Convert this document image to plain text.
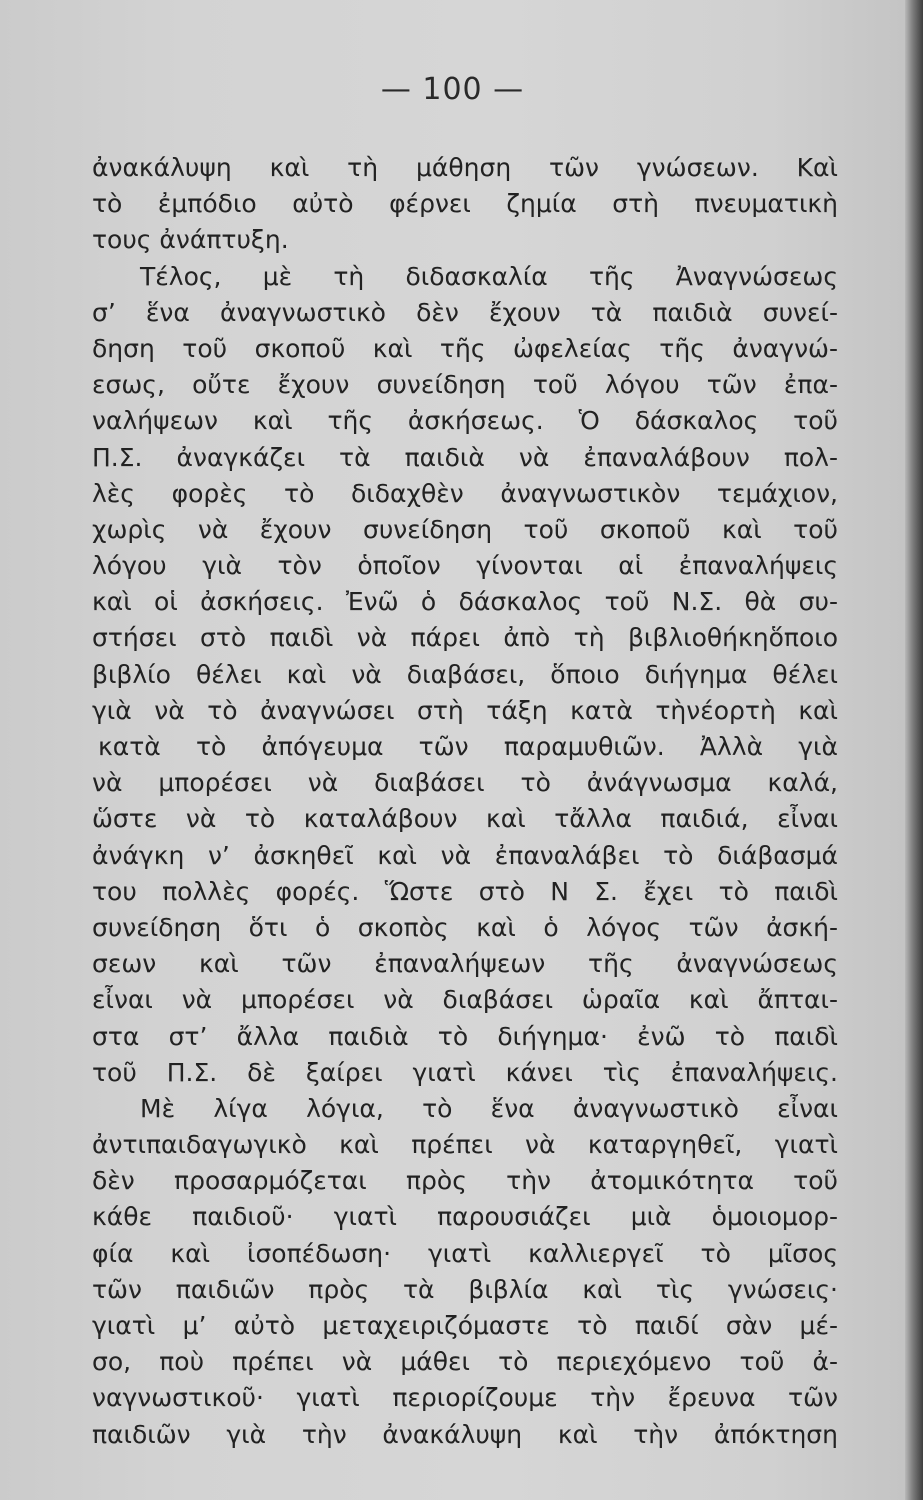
— 100 —
ἀνακάλυψη καὶ τὴ μάθηση τῶν γνώσεων. Καὶ
τὸ ἐμπόδιο αὐτὸ φέρνει ζημία στὴ πνευματικὴ
τους ἀνάπτυξη.
Τέλος, μὲ τὴ διδασκαλία τῆς Ἀναγνώσεως
σ’ ἕνα ἀναγνωστικὸ δὲν ἔχουν τὰ παιδιὰ συνεί-
δηση τοῦ σκοποῦ καὶ τῆς ὠφελείας τῆς ἀναγνώ-
εσως, οὔτε ἔχουν συνείδηση τοῦ λόγου τῶν ἐπα-
ναλήψεων καὶ τῆς ἀσκήσεως. Ὁ δάσκαλος τοῦ
Π.Σ. ἀναγκάζει τὰ παιδιὰ νὰ ἐπαναλάβουν πολ-
λὲς φορὲς τὸ διδαχθὲν ἀναγνωστικὸν τεμάχιον,
χωρὶς νὰ ἔχουν συνείδηση τοῦ σκοποῦ καὶ τοῦ
λόγου γιὰ τὸν ὁποῖον γίνονται αἱ ἐπαναλήψεις
καὶ οἱ ἀσκήσεις. Ἐνῶ ὁ δάσκαλος τοῦ Ν.Σ. θὰ συ-
στήσει στὸ παιδὶ νὰ πάρει ἀπὸ τὴ βιβλιοθήκηὅποιο
βιβλίο θέλει καὶ νὰ διαβάσει, ὅποιο διήγημα θέλει
γιὰ νὰ τὸ ἀναγνώσει στὴ τάξη κατὰ τὴνέορτὴ καὶ
κατὰ τὸ ἀπόγευμα τῶν παραμυθιῶν. Ἀλλὰ γιὰ
νὰ μπορέσει νὰ διαβάσει τὸ ἀνάγνωσμα καλά,
ὥστε νὰ τὸ καταλάβουν καὶ τἄλλα παιδιά, εἶναι
ἀνάγκη ν’ ἀσκηθεῖ καὶ νὰ ἐπαναλάβει τὸ διάβασμά
του πολλὲς φορές. Ὥστε στὸ Ν Σ. ἔχει τὸ παιδὶ
συνείδηση ὅτι ὁ σκοπὸς καὶ ὁ λόγος τῶν ἀσκή-
σεων καὶ τῶν ἐπαναλήψεων τῆς ἀναγνώσεως
εἶναι νὰ μπορέσει νὰ διαβάσει ὡραῖα καὶ ἄπται-
στα στ’ ἄλλα παιδιὰ τὸ διήγημα· ἐνῶ τὸ παιδὶ
τοῦ Π.Σ. δὲ ξαίρει γιατὶ κάνει τὶς ἐπαναλήψεις.
Μὲ λίγα λόγια, τὸ ἕνα ἀναγνωστικὸ εἶναι
ἀντιπαιδαγωγικὸ καὶ πρέπει νὰ καταργηθεῖ, γιατὶ
δὲν προσαρμόζεται πρὸς τὴν ἀτομικότητα τοῦ
κάθε παιδιοῦ· γιατὶ παρουσιάζει μιὰ ὁμοιομορ-
φία καὶ ἰσοπέδωση· γιατὶ καλλιεργεῖ τὸ μῖσος
τῶν παιδιῶν πρὸς τὰ βιβλία καὶ τὶς γνώσεις·
γιατὶ μ’ αὐτὸ μεταχειριζόμαστε τὸ παιδί σὰν μέ-
σο, ποὺ πρέπει νὰ μάθει τὸ περιεχόμενο τοῦ ἀ-
ναγνωστικοῦ· γιατὶ περιορίζουμε τὴν ἔρευνα τῶν
παιδιῶν γιὰ τὴν ἀνακάλυψη καὶ τὴν ἀπόκτηση
